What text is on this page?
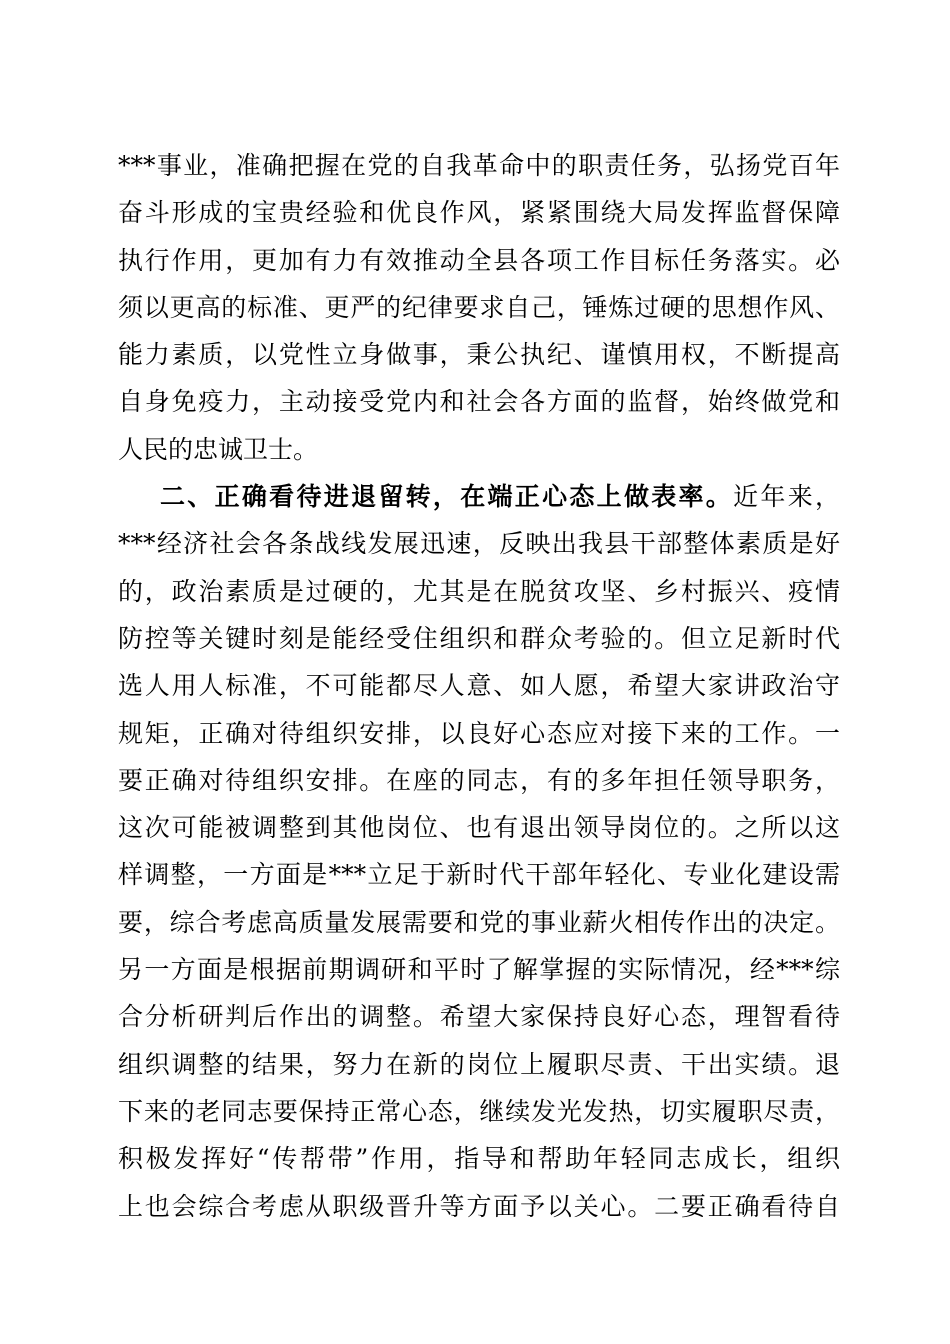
***事业，准确把握在党的自我革命中的职责任务，弘扬党百年
奋斗形成的宝贵经验和优良作风，紧紧围绕大局发挥监督保障
执行作用，更加有力有效推动全县各项工作目标任务落实。必
须以更高的标准、更严的纪律要求自己，锤炼过硬的思想作风、
能力素质，以党性立身做事，秉公执纪、谨慎用权，不断提高
自身免疫力，主动接受党内和社会各方面的监督，始终做党和
人民的忠诚卫士。
二、正确看待进退留转，在端正心态上做表率。近年来，
***经济社会各条战线发展迅速，反映出我县干部整体素质是好
的，政治素质是过硬的，尤其是在脱贫攻坚、乡村振兴、疫情
防控等关键时刻是能经受住组织和群众考验的。但立足新时代
选人用人标准，不可能都尽人意、如人愿，希望大家讲政治守
规矩，正确对待组织安排，以良好心态应对接下来的工作。一
要正确对待组织安排。在座的同志，有的多年担任领导职务，
这次可能被调整到其他岗位、也有退出领导岗位的。之所以这
样调整，一方面是***立足于新时代干部年轻化、专业化建设需
要，综合考虑高质量发展需要和党的事业薪火相传作出的决定。
另一方面是根据前期调研和平时了解掌握的实际情况，经***综
合分析研判后作出的调整。希望大家保持良好心态，理智看待
组织调整的结果，努力在新的岗位上履职尽责、干出实绩。退
下来的老同志要保持正常心态，继续发光发热，切实履职尽责，
积极发挥好“传帮带”作用，指导和帮助年轻同志成长，组织
上也会综合考虑从职级晋升等方面予以关心。二要正确看待自
